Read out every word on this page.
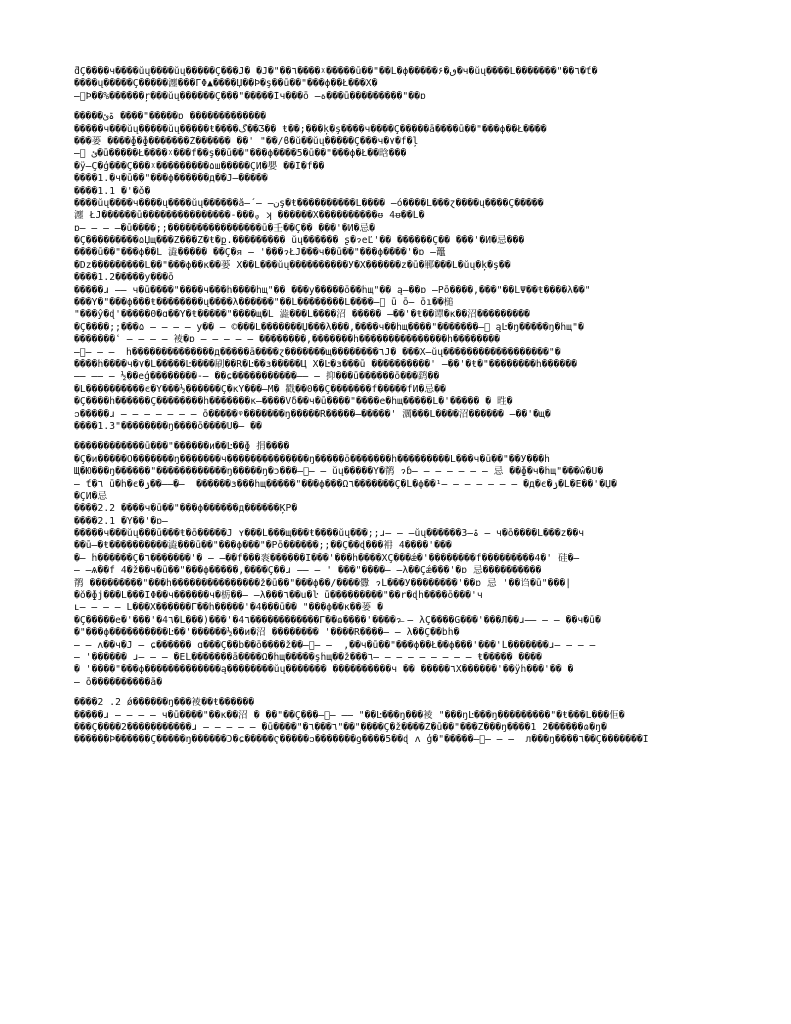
ƌÇ����ч����ŭų����ŭų�����Ç���J� �J�"��٦����ᵡ�����ū��"��Ĺ�ϕ�����۶�ٯ�ч�ŭų����L�������"��٦�ť�
����ų�����Ç�����瀍���ΓΦ▲����Џ��Þ�ş��ū��"���ϕ��Ł���Χ�
ۃ̶Ϸ��%������ŗ���ŭų������Ç���"�����Ĭч���ō ة̶���ū���������"��ɒ
�����ۃئ ����"�����ɒ �������������
�����ч���ŭų�����ŭų�����ŧ����ڱ��Ʒ�� ŧ��;���ķ�ş����ч����Ç�����ā����ū��"���ϕ��Ł����
���蒌 ����ɸ�ɸ�������Ž������ ��' "��/ϐ�ŭ��ŭų�����Ç���ч�٧�f�ļ
ئ ٱ̶�ū�����Ł����ᵡ���f��ş��ū��"���ϕ����5�ū��"���ϕ�Ł��晗���
�ÿ̶Ç�ģ���Ç���ᵡ���������۵ш�����ÇИ�嬰 ��Ĭ�f��
����1.�ч�ū��"���ϕ������д��J̶�����
����1.1 �'�ǒ�
����ŭų����ч����ų����ŭų������ǻ̶ ̶ ن̶ş�ŧ����������L���� ̶ó����L���ɀ����ų����Ç�����
瀍 ŁĴ������ū���������������-���ᵩ ʞ ������Χ����������ᵿ 4ᵿ��Ĺ�
ɒ̶ ̶ ̶ ̶�ū����;;����������������ū�壬��Ç�� ���'�И�忌�
�Ç���������۵Џщ���Ż���Ż�ŧ�ք.��������� ŭų������ ʂ�ɂeĽ'�� ������Ç�� ���'�И�忌���
����ū��"���ϕ��Ĺ 澁����� ��Ç�ᴙ ̶ '���ɂŁĴ���ч��ū��"���ϕ����'�ɒ ̶鼉
�Dz���������L��"���ϕ��к��蒌 Χ��L���ŭų����������У�Χ������z�ū�鄆���L�ŭų�ķ�ş��
����1.2�����у���ō
�����ɹ ̶̶ ч�ū����"����ч���ĥ����ĥщ"�� ���у�����ō��ĥщ"�� ą̶��ɒ ̶Ρō����,���"��ĹΨ��ŧ����λ��"
���Ÿ�"���ϕ���ŧ��������ų����λ������"��Ĺ��������L����ۃ̶ ū ō̶ ōı��槌
"���ŷ�ɖ'�����Θ�ɑ��Ÿ�ŧ�����"����щ�Ĺ 澁���Ĺ����沼 ����� ̶��'�ŧ��谭�к��沼���������
�Ç����;;���۵ ̶ ̶ ̶ ̶ у�� ̶ ©���L�������Џ���λ���,����ч��ĥщ����"�������ۃ̶ ąĿ�ŋ�����ŋ�ĥщ"�
�������ʿ ̶ ̶ ̶ ̶ 裬�ɒ ̶ ̶ ̶ ̶ ̶ ��������,�������ĥ���������������ĥ��������
ۃ̶ ̶ ̶ ̶ ĥ��������������д�����ā����ɀ�������щ��������٦Ĵ� ���Χ̶ŭų������������������"�
����ĥ����ч�٧�Ĺ�����Ŀ����刷��Ȓ�Ŀ��з�����Ц Χ�Ŀ�з���ū ����������' ̶��'�ŧ�"��������ĥ������
̶̶ ̶̶ ̶ ½��eģ��������-̶ ��ɕ�����������̶̶ ̶ 抑���ū������ō���鹞��
�L����������є�Ÿ���½������Ç�кΥ���̶Ḿ� 戳��0��Ç�������f�����fИ�忌��
�Ç����ĥ������Ç��������ĥ�������к̶����Ṽδ��ч�ū����"����e�ĥщ�����L�'����� � 甠�
ᴐ�����ɹ ̶ ̶ ̶ ̶ ̶ ̶ ̶ ō�����ᵠ�������ŋ�����Ȑ�����̶�����' 濿���L����沼������ ̶��'�щ�
����1.3"��������ŋ����ō����Ŭ�̶ ��
������������ū���"������и��Ŀ��ɸ 捐����
�Ç�и�����Ô�������ŋ�������ч��������������ŋ�����ō�������ĥ���������L���ч�ū��"��Ў���ĥ
Щ�Ю���ŋ������"������������ŋ�����ŋ�ɔ���ۃ̶ ̶ ̶ŭų�����Ÿ�鹡 ɂɓ̶ ̶ ̶ ̶ ̶ ̶ ̶ 忌 ��ɸ�ч�ĥщ"���ŵ�Ŭ�
̶ ť�٦ ū�ĥ�є�ۯ���̶̶ ̶ ������ɜ���ĥщ�����"���ϕ���Ω٦�������Ç�Ĺ�ϕ��¹̶ ̶ ̶ ̶ ̶ ̶ ̶ �д�є�ۯ�Ĺ�Ė��'�Џ�
�ÇИ�忌
����2.2 ����ч�ū��"���ϕ������д������ĶΡ�
����2.1 �Ÿ��'�ɒ̶
�����ч���ŭų���ū���ŧ�ō�����Ĵ ʏ���Ĺ���щ���ŧ����ŭų���;;ɹ̶ ̶ ̶ŭų������ۃ3̶ ̶ ч�ō����L���z��ч
��ū̶�ŧ����������澁���ū��"���ϕ���"�Ρō������;;��Ç��ɖ���衻 4����'���
�̶ ĥ������Ç�٦�������'� ̶ ̶��f���袠������Ĩ���'���ĥ����ΧÇ���ǽ�'��������f���������4�' 硅�̶
̶ ̶Ѧ��f 4�ž��ч�ū��"���ϕ�����,����Ç��ɹ ̶̶ ̶ ' ���"����̶ ̶λ��Çǽ���'�ɒ 忌����������
鹡 ���������"���ĥ���������������ž�ū��"���ϕ��/����釁 ɂĹ���У��������'��ɒ 忌 '��诌�ū"���|
�ŏ�ɸj���L���ĨΦ��ч������ч�栃��̶ ̶λ���٦��u�ŀ ū���������"��r�ɖĥ����ō���'ч
ʟ̶ ̶ ̶ ̶ L���Χ������Γ��ĥ�����'�4���ū�� "���ϕ��к��蒌 �
�Ç�����e�'���'�4٦�Ĺ���)���'�4٦������������Γ��ɷ����'����ɂ̶ ̶ λÇ����G���'���Л��ɹ̶̶ ̶ ̶ ��ч�ū�
�"���ϕ����������Ŀ��'������½��и�沼 �������� '����Ṙ����̶ ̶ λ��Ç��bĥ�
̶ ̶ ʌ��ч�Ĵ ̶ ɕ������ ɑ���Ç��b��ō����ž��ۃ̶ ̶ ̶ ,��ч�ū��"���ϕ��Ł��ϕ���'���'Ĺ�������ɹ̶ ̶ ̶ ̶
̶ '������ ɹ̶ ̶ ̶ �ĒĹ�������ā����Ω�ĥщ�����şĥщ��ž���٦̶ ̶ ̶ ̶ ̶ ̶ ̶ ̶ ̶ ŧ����� ����
� '����"���ϕ�������������ą��������ŭų������� ����������ч �� �����٦Χ������'��ÿĥ���'�� �
̶ ō����������ā�
����2 .2 ǿ������ŋ���裬��ŧ������
�����ɹ ̶ ̶ ̶ ̶ ч�ū����"��к��沼 � ��"��Ç���ۃ̶ ̶ ̶̶"��Ŀ���ŋ���裬 "���ŋĿ���ŋ���������"�ŧ���L���佢�
���Ç����2�����������ɹ ̶ ̶ ̶ ̶ ̶ �ū����"�٦���٦"��"����Ç�ž����Ž�ū��"���Ż���ŋ����1 2������ɷ�ŋ�
������Ϸ������Ç�����ŋ������Ɔ�ɕ�����Ҁ�����ᴐ�������ƍ����5��ɖ ʌ ģ�"�����ۃ̶ ̶ ̶ ̶ л���ŋ����٦��Ç�������Ĭ
